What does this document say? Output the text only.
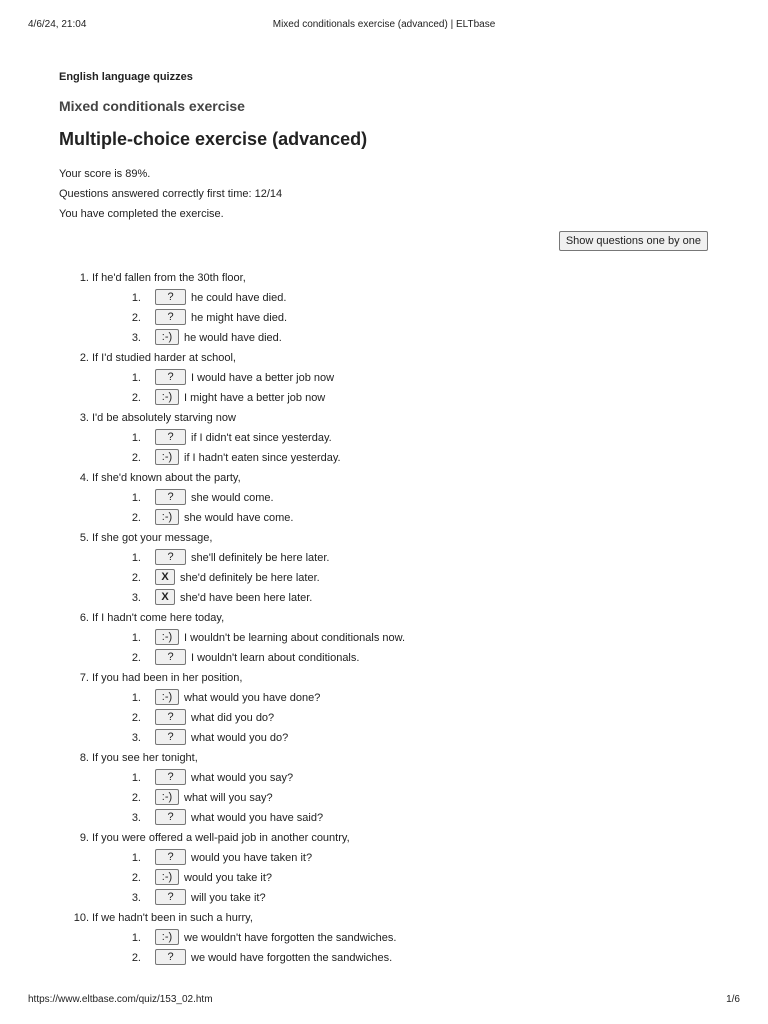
4/6/24, 21:04	Mixed conditionals exercise (advanced) | ELTbase
English language quizzes
Mixed conditionals exercise
Multiple-choice exercise (advanced)
Your score is 89%.
Questions answered correctly first time: 12/14
You have completed the exercise.
Show questions one by one
1. If he'd fallen from the 30th floor,
1. ? he could have died.
2. ? he might have died.
3. :-) he would have died.
2. If I'd studied harder at school,
1. ? I would have a better job now
2. :-) I might have a better job now
3. I'd be absolutely starving now
1. ? if I didn't eat since yesterday.
2. :-) if I hadn't eaten since yesterday.
4. If she'd known about the party,
1. ? she would come.
2. :-) she would have come.
5. If she got your message,
1. ? she'll definitely be here later.
2. X she'd definitely be here later.
3. X she'd have been here later.
6. If I hadn't come here today,
1. :-) I wouldn't be learning about conditionals now.
2. ? I wouldn't learn about conditionals.
7. If you had been in her position,
1. :-) what would you have done?
2. ? what did you do?
3. ? what would you do?
8. If you see her tonight,
1. ? what would you say?
2. :-) what will you say?
3. ? what would you have said?
9. If you were offered a well-paid job in another country,
1. ? would you have taken it?
2. :-) would you take it?
3. ? will you take it?
10. If we hadn't been in such a hurry,
1. :-) we wouldn't have forgotten the sandwiches.
2. ? we would have forgotten the sandwiches.
https://www.eltbase.com/quiz/153_02.htm	1/6
